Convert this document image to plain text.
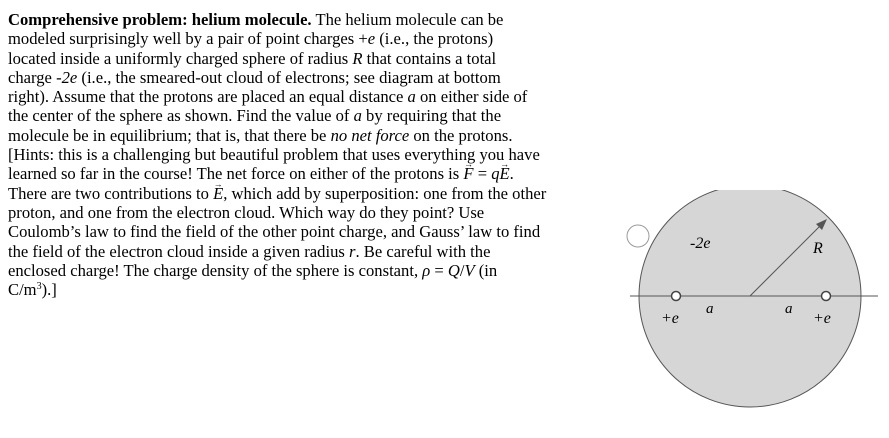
Comprehensive problem: helium molecule. The helium molecule can be
modeled surprisingly well by a pair of point charges +e (i.e., the protons)
located inside a uniformly charged sphere of radius R that contains a total
charge -2e (i.e., the smeared-out cloud of electrons; see diagram at bottom
right). Assume that the protons are placed an equal distance a on either side of
the center of the sphere as shown. Find the value of a by requiring that the
molecule be in equilibrium; that is, that there be no net force on the protons.
[Hints: this is a challenging but beautiful problem that uses everything you have
learned so far in the course! The net force on either of the protons is → F = q→ E.
There are two contributions to → E, which add by superposition: one from the other
proton, and one from the electron cloud. Which way do they point? Use
Coulomb’s law to find the field of the other point charge, and Gauss’ law to find
the field of the electron cloud inside a given radius r. Be careful with the
enclosed charge! The charge density of the sphere is constant, ρ = Q/V (in
$C/m^3$).]
-2e	R
+e	+e
a	a
